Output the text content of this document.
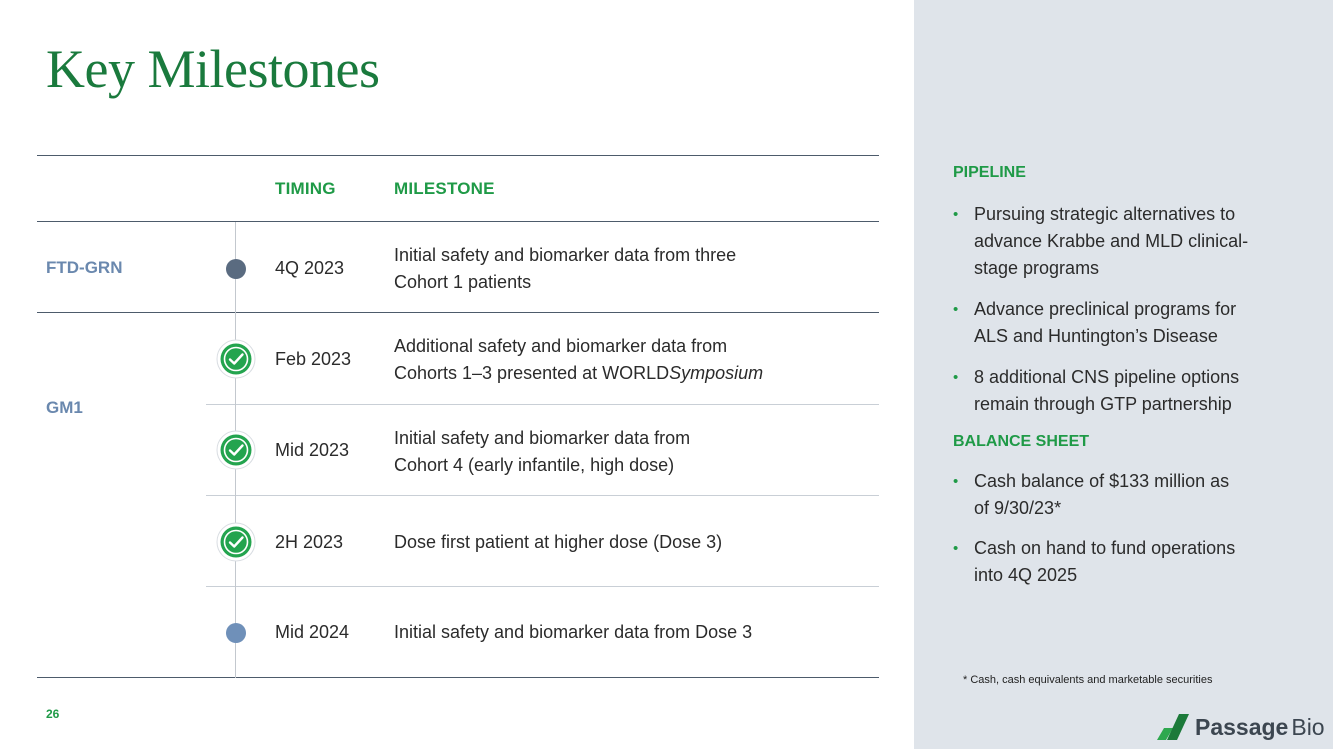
Key Milestones
TIMING	MILESTONE
FTD-GRN
GM1
4Q 2023
Initial safety and biomarker data from three
Cohort 1 patients
Feb 2023
Additional safety and biomarker data from
Cohorts 1–3 presented at WORLDSymposium
Mid 2023
Initial safety and biomarker data from
Cohort 4 (early infantile, high dose)
2H 2023	Dose first patient at higher dose (Dose 3)
Mid 2024 Initial safety and biomarker data from Dose 3
26
PIPELINE
• Pursuing strategic alternatives to
advance Krabbe and MLD clinical-
stage programs
• Advance preclinical programs for
ALS and Huntington’s Disease
• 8 additional CNS pipeline options
remain through GTP partnership
BALANCE SHEET
• Cash balance of $133 million as
of 9/30/23*
• Cash on hand to fund operations
into 4Q 2025
* Cash, cash equivalents and marketable securities
Passage Bio
